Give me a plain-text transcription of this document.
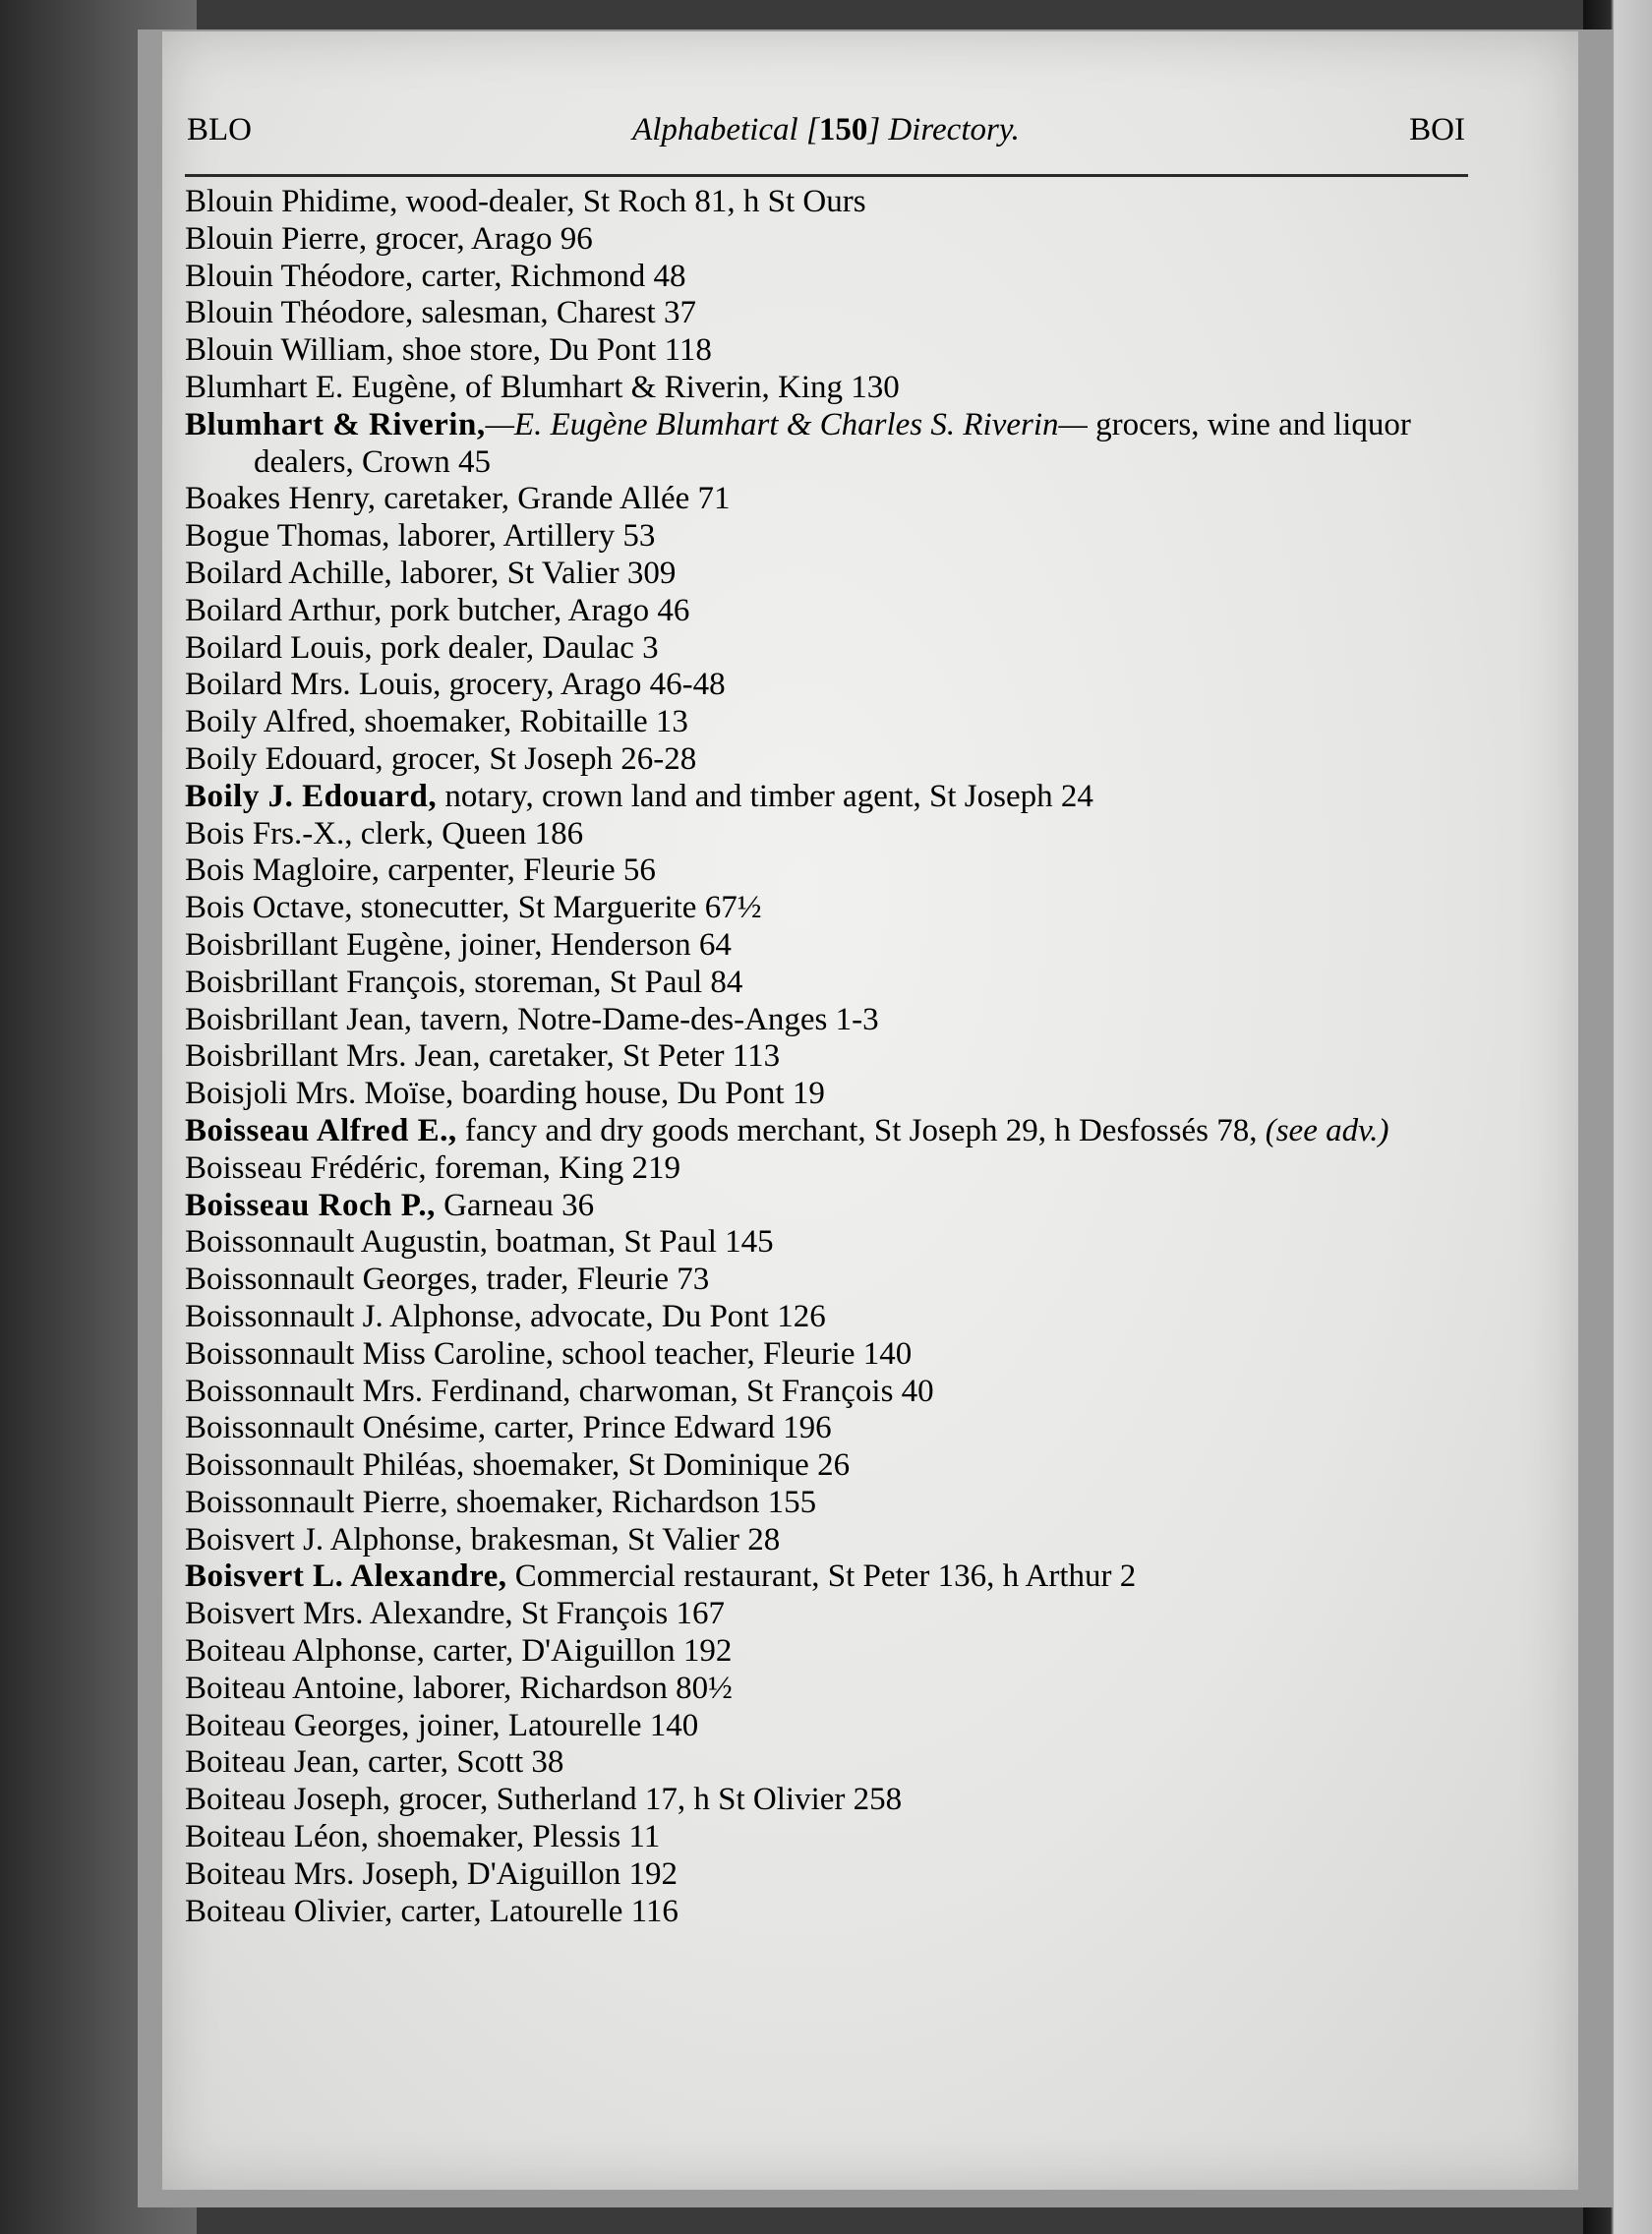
BLO	Alphabetical [150] Directory.	BOI
Blouin Phidime, wood-dealer, St Roch 81, h St Ours
Blouin Pierre, grocer, Arago 96
Blouin Théodore, carter, Richmond 48
Blouin Théodore, salesman, Charest 37
Blouin William, shoe store, Du Pont 118
Blumhart E. Eugène, of Blumhart & Riverin, King 130
Blumhart & Riverin,—E. Eugène Blumhart & Charles S. Riverin— grocers, wine and liquor dealers, Crown 45
Boakes Henry, caretaker, Grande Allée 71
Bogue Thomas, laborer, Artillery 53
Boilard Achille, laborer, St Valier 309
Boilard Arthur, pork butcher, Arago 46
Boilard Louis, pork dealer, Daulac 3
Boilard Mrs. Louis, grocery, Arago 46-48
Boily Alfred, shoemaker, Robitaille 13
Boily Edouard, grocer, St Joseph 26-28
Boily J. Edouard, notary, crown land and timber agent, St Joseph 24
Bois Frs.-X., clerk, Queen 186
Bois Magloire, carpenter, Fleurie 56
Bois Octave, stonecutter, St Marguerite 67½
Boisbrillant Eugène, joiner, Henderson 64
Boisbrillant François, storeman, St Paul 84
Boisbrillant Jean, tavern, Notre-Dame-des-Anges 1-3
Boisbrillant Mrs. Jean, caretaker, St Peter 113
Boisjoli Mrs. Moïse, boarding house, Du Pont 19
Boisseau Alfred E., fancy and dry goods merchant, St Joseph 29, h Desfossés 78, (see adv.)
Boisseau Frédéric, foreman, King 219
Boisseau Roch P., Garneau 36
Boissonnault Augustin, boatman, St Paul 145
Boissonnault Georges, trader, Fleurie 73
Boissonnault J. Alphonse, advocate, Du Pont 126
Boissonnault Miss Caroline, school teacher, Fleurie 140
Boissonnault Mrs. Ferdinand, charwoman, St François 40
Boissonnault Onésime, carter, Prince Edward 196
Boissonnault Philéas, shoemaker, St Dominique 26
Boissonnault Pierre, shoemaker, Richardson 155
Boisvert J. Alphonse, brakesman, St Valier 28
Boisvert L. Alexandre, Commercial restaurant, St Peter 136, h Arthur 2
Boisvert Mrs. Alexandre, St François 167
Boiteau Alphonse, carter, D'Aiguillon 192
Boiteau Antoine, laborer, Richardson 80½
Boiteau Georges, joiner, Latourelle 140
Boiteau Jean, carter, Scott 38
Boiteau Joseph, grocer, Sutherland 17, h St Olivier 258
Boiteau Léon, shoemaker, Plessis 11
Boiteau Mrs. Joseph, D'Aiguillon 192
Boiteau Olivier, carter, Latourelle 116
